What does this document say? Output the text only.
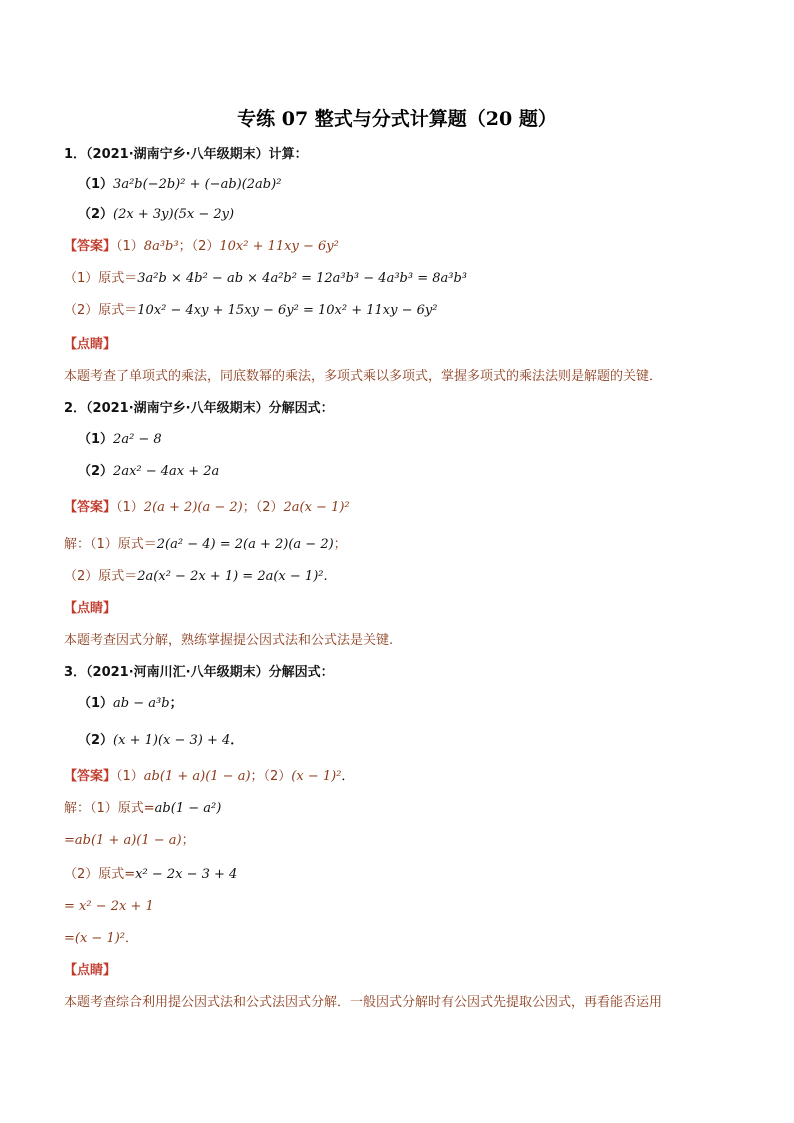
专练 07 整式与分式计算题（20 题）
1．（2021·湖南宁乡·八年级期末）计算：
（1）3a²b(−2b)² + (−ab)(2ab)²
（2）(2x + 3y)(5x − 2y)
【答案】（1）8a³b³；（2）10x² + 11xy − 6y²
（1）原式＝3a²b × 4b² − ab × 4a²b² = 12a³b³ − 4a³b³ = 8a³b³
（2）原式＝10x² − 4xy + 15xy − 6y² = 10x² + 11xy − 6y²
【点睛】
本题考查了单项式的乘法，同底数幂的乘法，多项式乘以多项式，掌握多项式的乘法法则是解题的关键．
2．（2021·湖南宁乡·八年级期末）分解因式：
（1）2a² − 8
（2）2ax² − 4ax + 2a
【答案】（1）2(a + 2)(a − 2)；（2）2a(x − 1)²
解：（1）原式＝2(a² − 4) = 2(a + 2)(a − 2)；
（2）原式＝2a(x² − 2x + 1) = 2a(x − 1)².
【点睛】
本题考查因式分解，熟练掌握提公因式法和公式法是关键.
3．（2021·河南川汇·八年级期末）分解因式：
（1）ab − a³b；
（2）(x + 1)(x − 3) + 4．
【答案】（1）ab(1 + a)(1 − a)；（2）(x − 1)²．
解：（1）原式=ab(1 − a²)
=ab(1 + a)(1 − a)；
（2）原式=x² − 2x − 3 + 4
= x² − 2x + 1
=(x − 1)²．
【点睛】
本题考查综合利用提公因式法和公式法因式分解．一般因式分解时有公因式先提取公因式，再看能否运用
